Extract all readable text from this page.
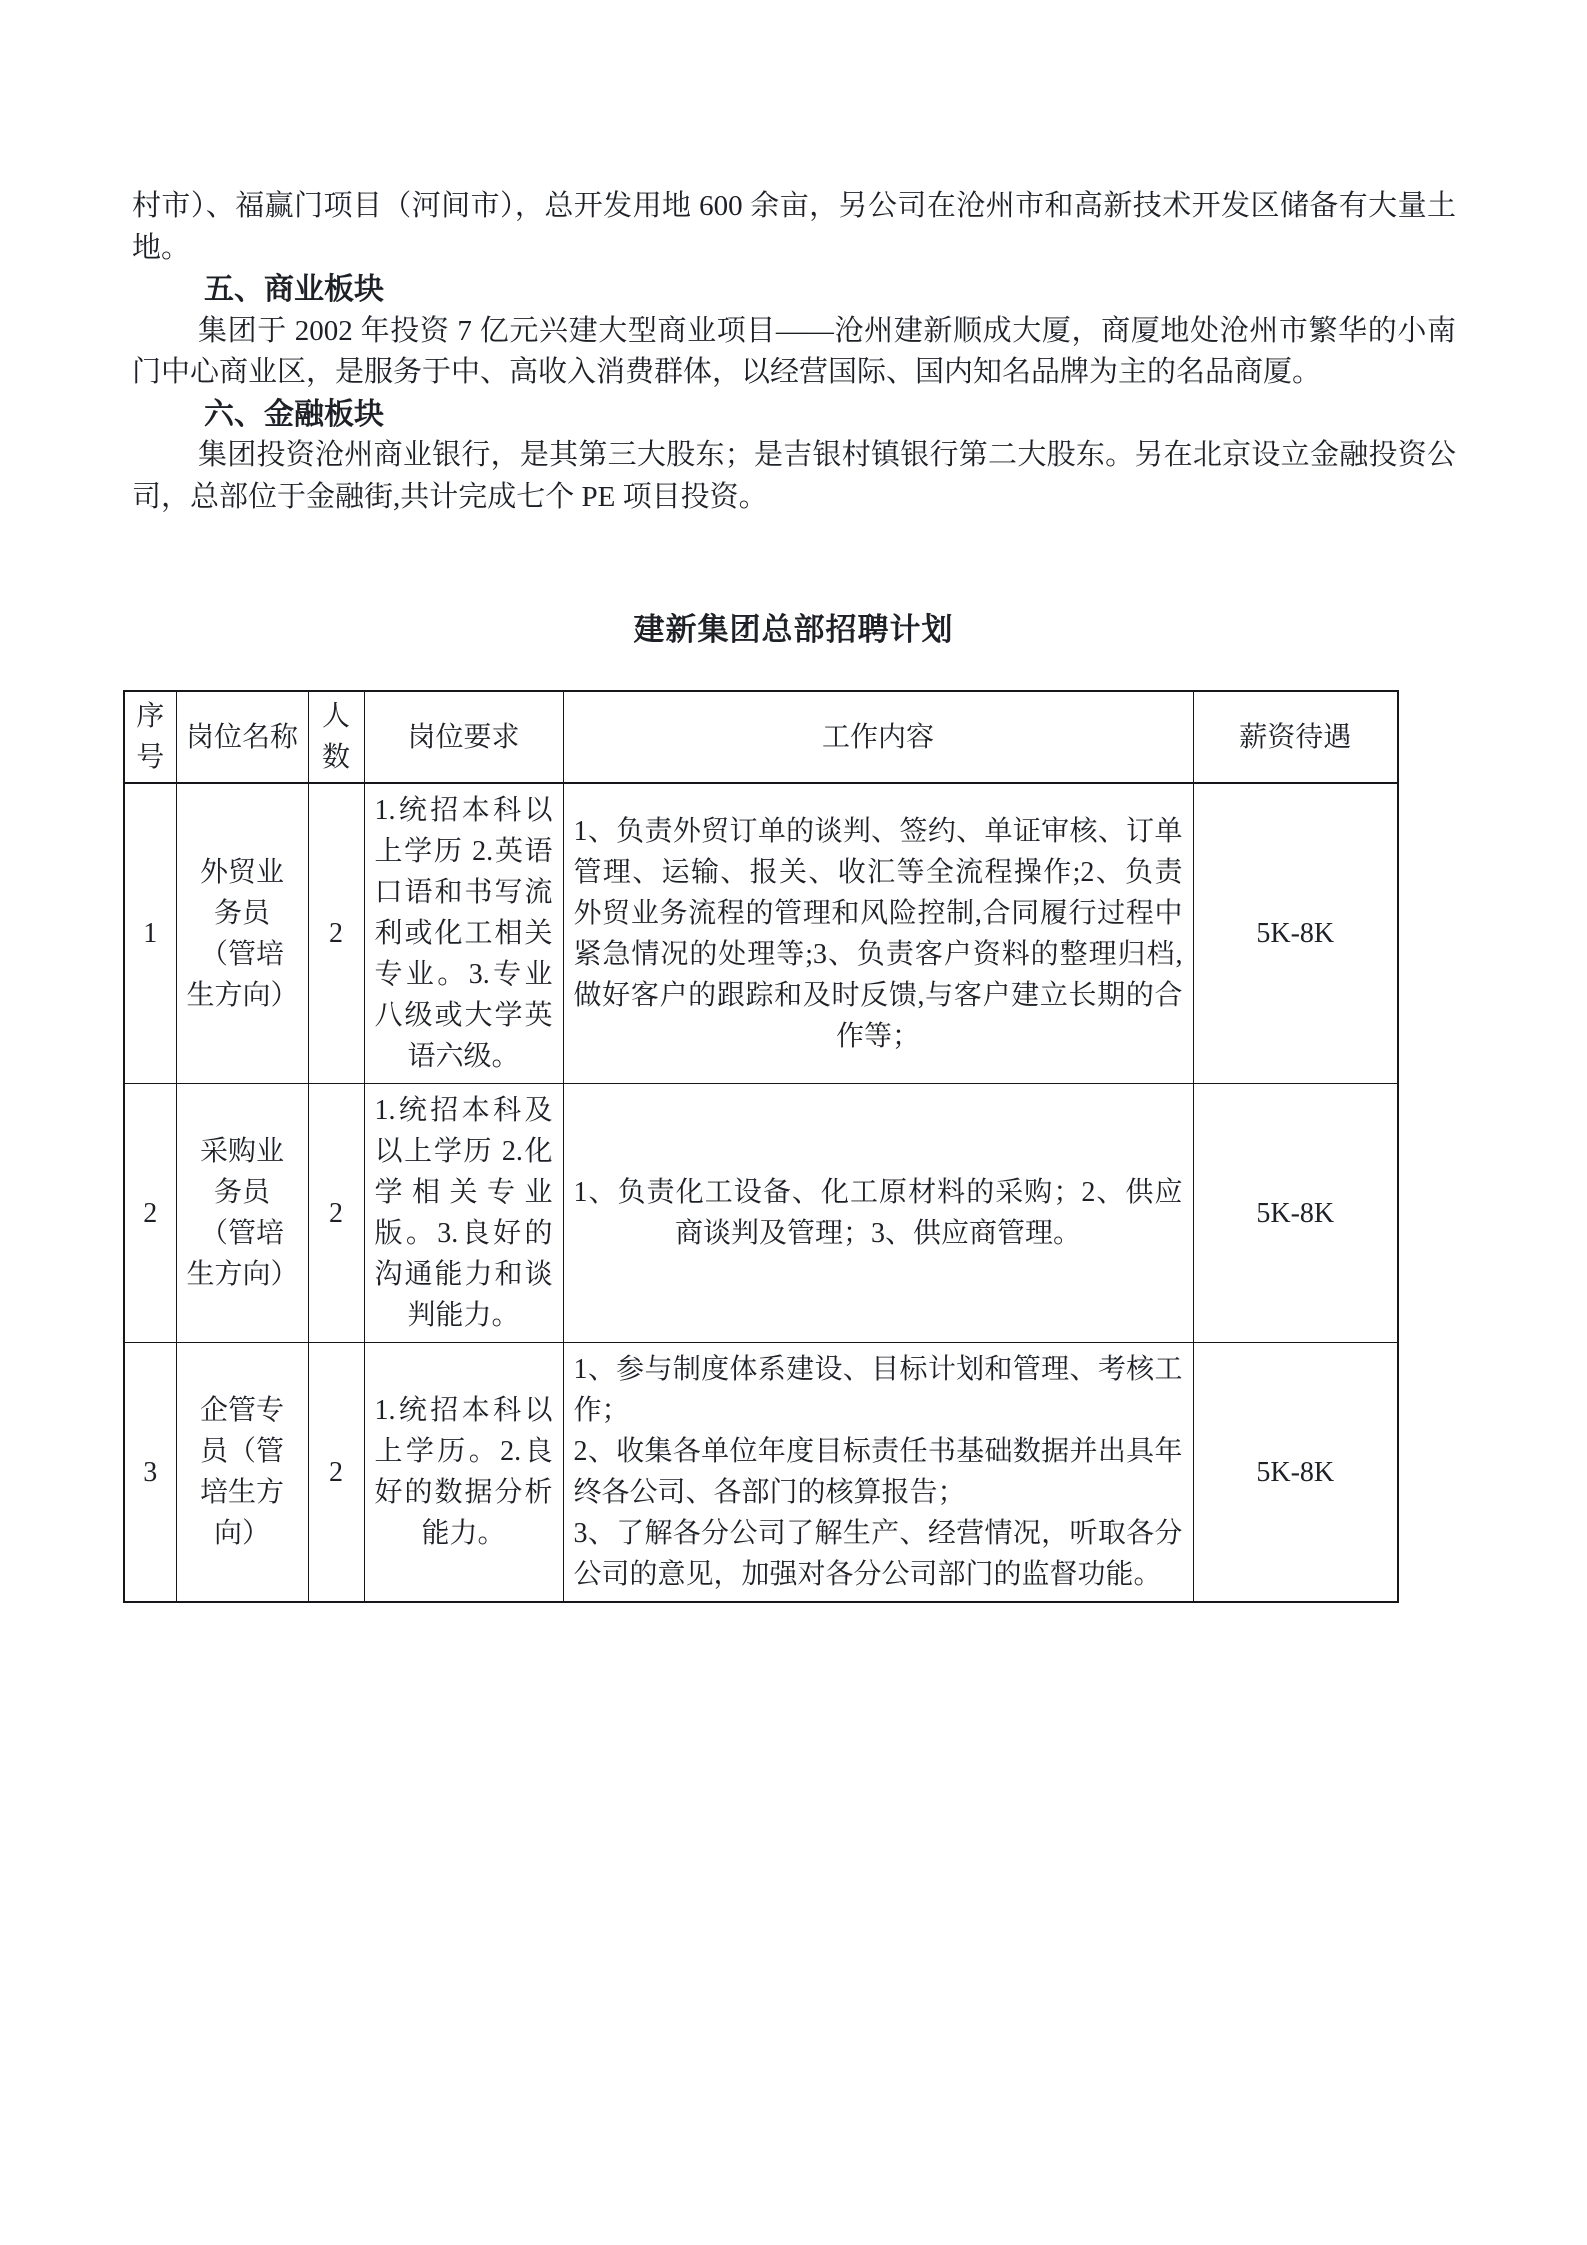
村市）、福赢门项目（河间市），总开发用地 600 余亩，另公司在沧州市和高新技术开发区储备有大量土地。

五、商业板块

集团于 2002 年投资 7 亿元兴建大型商业项目——沧州建新顺成大厦，商厦地处沧州市繁华的小南门中心商业区，是服务于中、高收入消费群体，以经营国际、国内知名品牌为主的名品商厦。

六、金融板块

集团投资沧州商业银行，是其第三大股东；是吉银村镇银行第二大股东。另在北京设立金融投资公司，总部位于金融街,共计完成七个 PE 项目投资。

建新集团总部招聘计划
序号	岗位名称	人数	岗位要求	工作内容	薪资待遇
1	外贸业务员（管培生方向）	2	1.统招本科以上学历 2.英语口语和书写流利或化工相关专业。3.专业八级或大学英语六级。	1、负责外贸订单的谈判、签约、单证审核、订单管理、运输、报关、收汇等全流程操作;2、负责外贸业务流程的管理和风险控制,合同履行过程中紧急情况的处理等;3、负责客户资料的整理归档,做好客户的跟踪和及时反馈,与客户建立长期的合作等；	5K-8K
2	采购业务员（管培生方向）	2	1.统招本科及以上学历 2.化学相关专业版。3.良好的沟通能力和谈判能力。	1、负责化工设备、化工原材料的采购；2、供应商谈判及管理；3、供应商管理。	5K-8K
3	企管专员（管培生方向）	2	1.统招本科以上学历。2.良好的数据分析能力。	1、参与制度体系建设、目标计划和管理、考核工作；
2、收集各单位年度目标责任书基础数据并出具年终各公司、各部门的核算报告；
3、了解各分公司了解生产、经营情况，听取各分公司的意见，加强对各分公司部门的监督功能。	5K-8K
